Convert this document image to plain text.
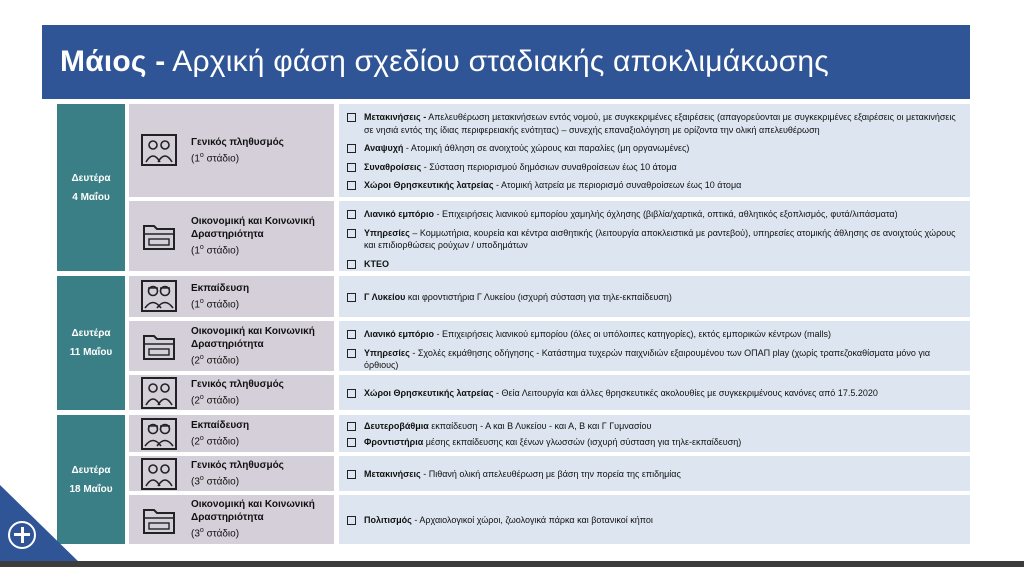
Μάιος - Αρχική φάση σχεδίου σταδιακής αποκλιμάκωσης
Δευτέρα
4 Μαΐου
Δευτέρα
11 Μαΐου
Δευτέρα
18 Μαΐου
Γενικός πληθυσμός
($1^o$ στάδιο)
Οικονομική και Κοινωνική Δραστηριότητα
($1^o$ στάδιο)
Εκπαίδευση
($1^o$ στάδιο)
Οικονομική και Κοινωνική Δραστηριότητα
($2^o$ στάδιο)
Γενικός πληθυσμός
($2^o$ στάδιο)
Εκπαίδευση
($2^o$ στάδιο)
Γενικός πληθυσμός
($3^o$ στάδιο)
Οικονομική και Κοινωνική Δραστηριότητα
($3^o$ στάδιο)
Μετακινήσεις - Απελευθέρωση μετακινήσεων εντός νομού, με συγκεκριμένες εξαιρέσεις (απαγορεύονται με συγκεκριμένες εξαιρέσεις οι μετακινήσεις σε νησιά εντός της ίδιας περιφερειακής ενότητας) – συνεχής επαναξιολόγηση με ορίζοντα την ολική απελευθέρωση
Αναψυχή - Ατομική άθληση σε ανοιχτούς χώρους και παραλίες (μη οργανωμένες)
Συναθροίσεις - Σύσταση περιορισμού δημόσιων συναθροίσεων έως 10 άτομα
Χώροι Θρησκευτικής λατρείας - Ατομική λατρεία με περιορισμό συναθροίσεων έως 10 άτομα
Λιανικό εμπόριο - Επιχειρήσεις λιανικού εμπορίου χαμηλής όχλησης (βιβλία/χαρτικά, οπτικά, αθλητικός εξοπλισμός, φυτά/λιπάσματα)
Υπηρεσίες – Κομμωτήρια, κουρεία και κέντρα αισθητικής (λειτουργία αποκλειστικά με ραντεβού), υπηρεσίες ατομικής άθλησης σε ανοιχτούς χώρους και επιδιορθώσεις ρούχων / υποδημάτων
ΚΤΕΟ
Γ Λυκείου και φροντιστήρια Γ Λυκείου (ισχυρή σύσταση για τηλε-εκπαίδευση)
Λιανικό εμπόριο - Επιχειρήσεις λιανικού εμπορίου (όλες οι υπόλοιπες κατηγορίες), εκτός εμπορικών κέντρων (malls)
Υπηρεσίες - Σχολές εκμάθησης οδήγησης - Κατάστημα τυχερών παιχνιδιών εξαιρουμένου των ΟΠΑΠ play (χωρίς τραπεζοκαθίσματα μόνο για όρθιους)
Χώροι Θρησκευτικής λατρείας - Θεία Λειτουργία και άλλες θρησκευτικές ακολουθίες με συγκεκριμένους κανόνες από 17.5.2020
Δευτεροβάθμια εκπαίδευση - Α και Β Λυκείου - και Α, Β και Γ Γυμνασίου
Φροντιστήρια μέσης εκπαίδευσης και ξένων γλωσσών (ισχυρή σύσταση για τηλε-εκπαίδευση)
Μετακινήσεις - Πιθανή ολική απελευθέρωση με βάση την πορεία της επιδημίας
Πολιτισμός - Αρχαιολογικοί χώροι, ζωολογικά πάρκα και βοτανικοί κήποι
